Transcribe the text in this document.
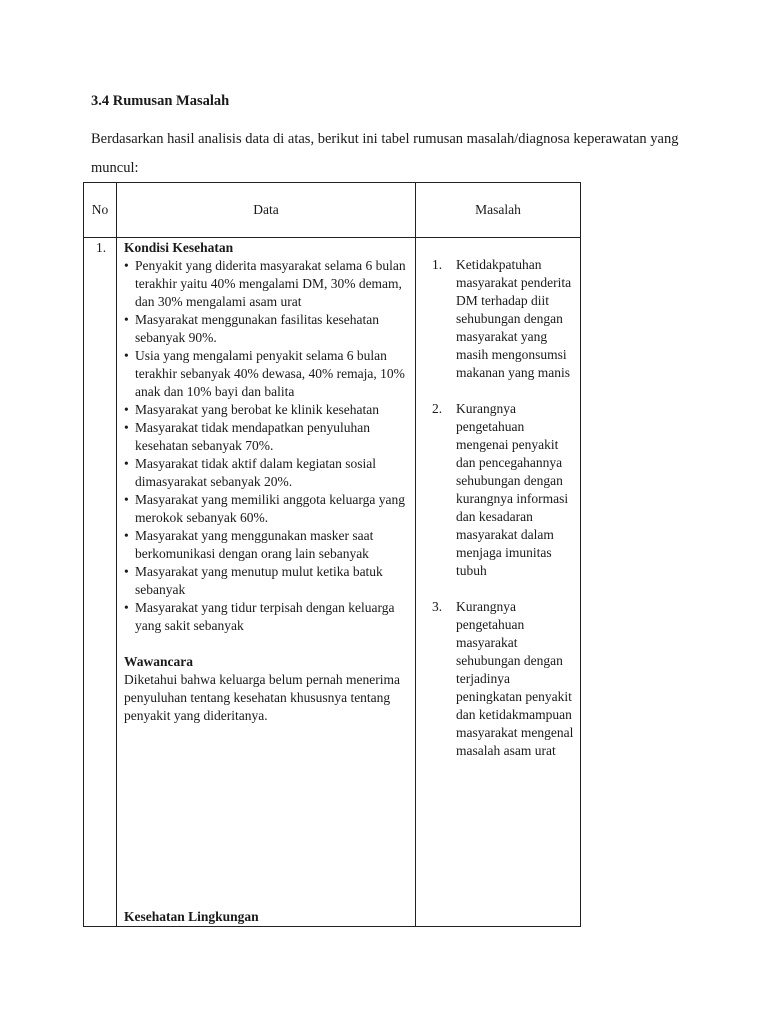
3.4 Rumusan Masalah
Berdasarkan hasil analisis data di atas, berikut ini tabel rumusan masalah/diagnosa keperawatan yang muncul:
No	Data	Masalah
1. Kondisi Kesehatan
• Penyakit yang diderita masyarakat selama 6 bulan terakhir yaitu 40% mengalami DM, 30% demam, dan 30% mengalami asam urat
• Masyarakat menggunakan fasilitas kesehatan sebanyak 90%.
• Usia yang mengalami penyakit selama 6 bulan terakhir sebanyak 40% dewasa, 40% remaja, 10% anak dan 10% bayi dan balita
• Masyarakat yang berobat ke klinik kesehatan
• Masyarakat tidak mendapatkan penyuluhan kesehatan sebanyak 70%.
• Masyarakat tidak aktif dalam kegiatan sosial dimasyarakat sebanyak 20%.
• Masyarakat yang memiliki anggota keluarga yang merokok sebanyak 60%.
• Masyarakat yang menggunakan masker saat berkomunikasi dengan orang lain sebanyak
• Masyarakat yang menutup mulut ketika batuk sebanyak
• Masyarakat yang tidur terpisah dengan keluarga yang sakit sebanyak
Wawancara

Diketahui bahwa keluarga belum pernah menerima penyuluhan tentang kesehatan khususnya tentang penyakit yang dideritanya.

Kesehatan Lingkungan
1. Ketidakpatuhan masyarakat penderita DM terhadap diit sehubungan dengan masyarakat yang masih mengonsumsi makanan yang manis
2. Kurangnya pengetahuan mengenai penyakit dan pencegahannya sehubungan dengan kurangnya informasi dan kesadaran masyarakat dalam menjaga imunitas tubuh
3. Kurangnya pengetahuan masyarakat sehubungan dengan terjadinya peningkatan penyakit dan ketidakmampuan masyarakat mengenal masalah asam urat
